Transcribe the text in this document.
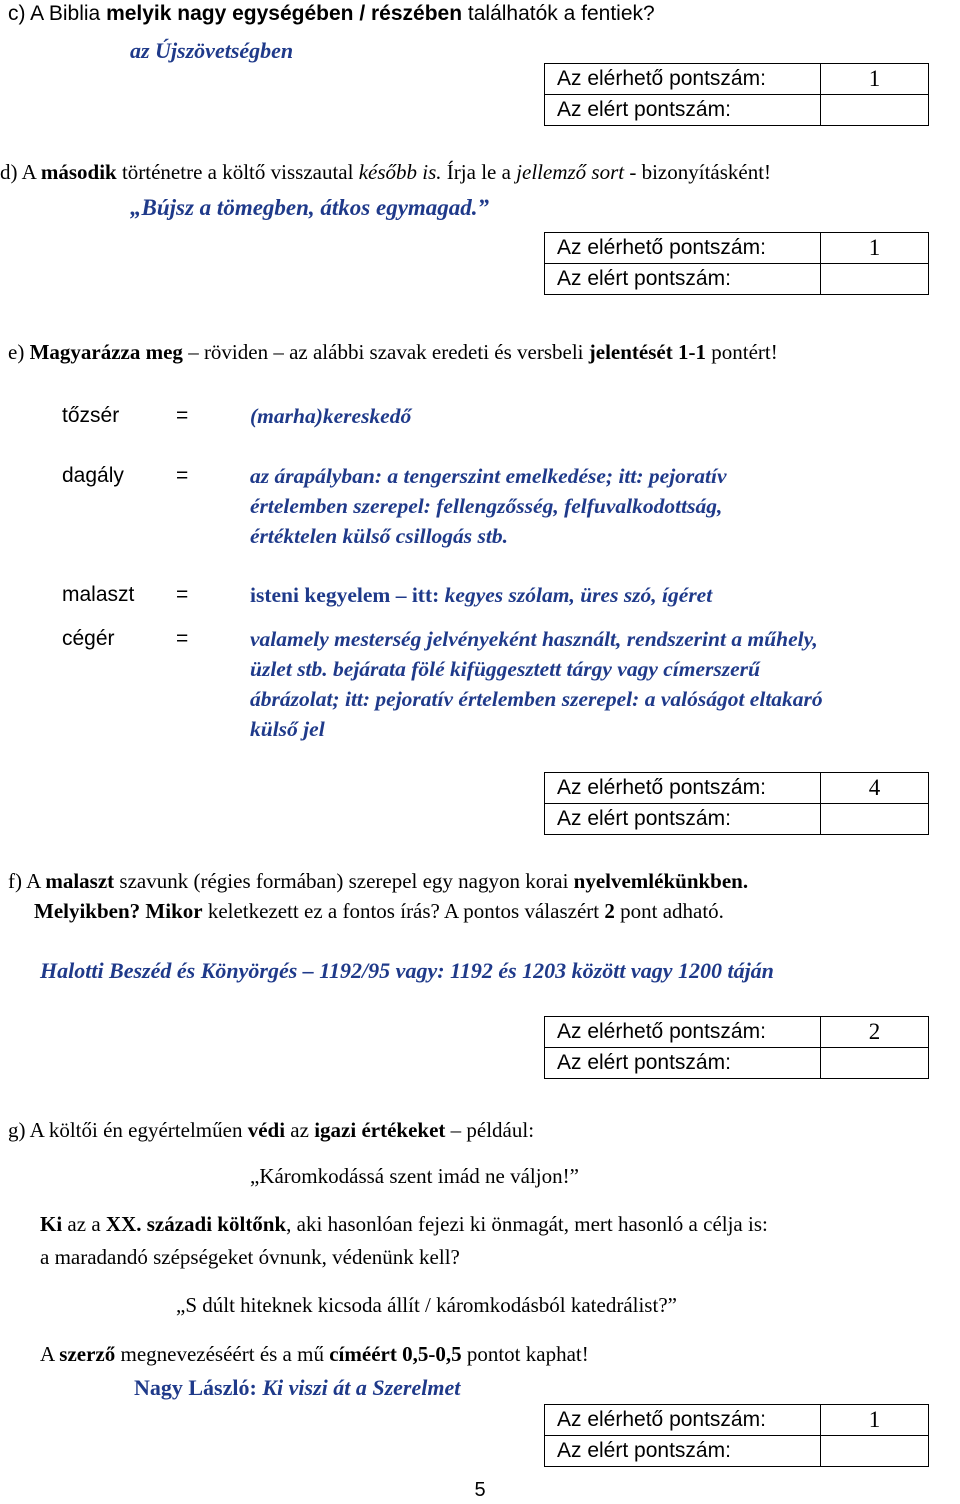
c) A Biblia melyik nagy egységében / részében találhatók a fentiek?
az Újszövetségben
Az elérhető pontszám:	1
Az elért pontszám:	
d) A második történetre a költő visszautal később is. Írja le a jellemző sort - bizonyításként!
„Bújsz a tömegben, átkos egymagad.”
Az elérhető pontszám:	1
Az elért pontszám:	
e) Magyarázza meg – röviden – az alábbi szavak eredeti és versbeli jelentését 1-1 pontért!
tőzsér	=	(marha)kereskedő
dagály =	az árapályban: a tengerszint emelkedése; itt: pejoratív
értelemben szerepel: fellengzősség, felfuvalkodottság,
értéktelen külső csillogás stb.
malaszt =	isteni kegyelem – itt: kegyes szólam, üres szó, ígéret
cégér	=	valamely mesterség jelvényeként használt, rendszerint a műhely,
üzlet stb. bejárata fölé kifüggesztett tárgy vagy címerszerű
ábrázolat; itt: pejoratív értelemben szerepel: a valóságot eltakaró
külső jel
Az elérhető pontszám:	4
Az elért pontszám:	
f) A malaszt szavunk (régies formában) szerepel egy nagyon korai nyelvemlékünkben.
Melyikben? Mikor keletkezett ez a fontos írás? A pontos válaszért 2 pont adható.
Halotti Beszéd és Könyörgés – 1192/95 vagy: 1192 és 1203 között vagy 1200 táján
Az elérhető pontszám:	2
Az elért pontszám:	
g) A költői én egyértelműen védi az igazi értékeket – például:
„Káromkodássá szent imád ne váljon!”
Ki az a XX. századi költőnk, aki hasonlóan fejezi ki önmagát, mert hasonló a célja is:
a maradandó szépségeket óvnunk, védenünk kell?
„S dúlt hiteknek kicsoda állít / káromkodásból katedrálist?”
A szerző megnevezéséért és a mű címéért 0,5-0,5 pontot kaphat!
Nagy László: Ki viszi át a Szerelmet
Az elérhető pontszám:	1
Az elért pontszám:	
5
